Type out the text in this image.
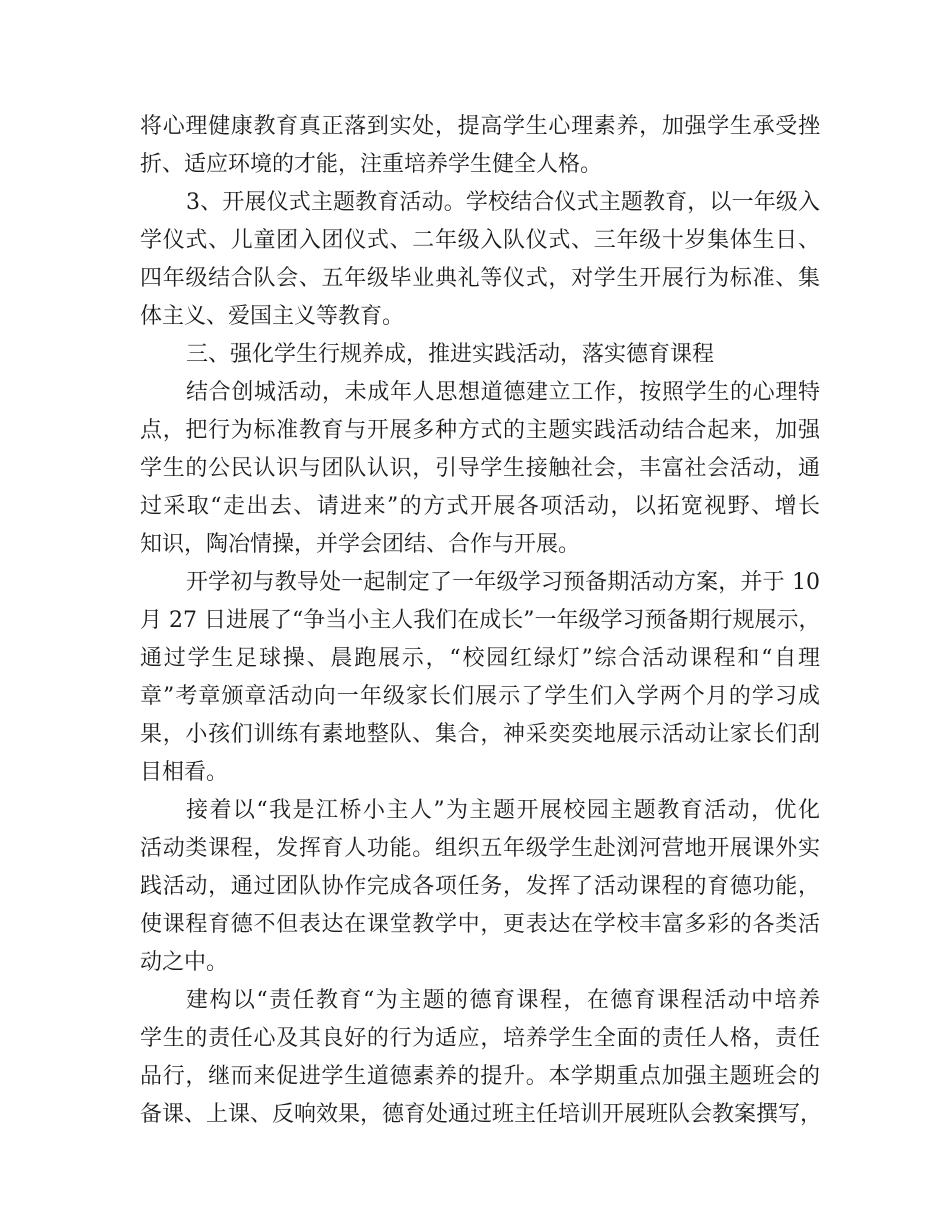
将心理健康教育真正落到实处，提高学生心理素养，加强学生承受挫
折、适应环境的才能，注重培养学生健全人格。
3、开展仪式主题教育活动。学校结合仪式主题教育，以一年级入
学仪式、儿童团入团仪式、二年级入队仪式、三年级十岁集体生日、
四年级结合队会、五年级毕业典礼等仪式，对学生开展行为标准、集
体主义、爱国主义等教育。
三、强化学生行规养成，推进实践活动，落实德育课程
结合创城活动，未成年人思想道德建立工作，按照学生的心理特
点，把行为标准教育与开展多种方式的主题实践活动结合起来，加强
学生的公民认识与团队认识，引导学生接触社会，丰富社会活动，通
过采取“走出去、请进来”的方式开展各项活动，以拓宽视野、增长
知识，陶冶情操，并学会团结、合作与开展。
开学初与教导处一起制定了一年级学习预备期活动方案，并于 10
月 27 日进展了“争当小主人我们在成长”一年级学习预备期行规展示，
通过学生足球操、晨跑展示，“校园红绿灯”综合活动课程和“自理
章”考章颁章活动向一年级家长们展示了学生们入学两个月的学习成
果，小孩们训练有素地整队、集合，神采奕奕地展示活动让家长们刮
目相看。
接着以“我是江桥小主人”为主题开展校园主题教育活动，优化
活动类课程，发挥育人功能。组织五年级学生赴浏河营地开展课外实
践活动，通过团队协作完成各项任务，发挥了活动课程的育德功能，
使课程育德不但表达在课堂教学中，更表达在学校丰富多彩的各类活
动之中。
建构以“责任教育“为主题的德育课程，在德育课程活动中培养
学生的责任心及其良好的行为适应，培养学生全面的责任人格，责任
品行，继而来促进学生道德素养的提升。本学期重点加强主题班会的
备课、上课、反响效果，德育处通过班主任培训开展班队会教案撰写，
